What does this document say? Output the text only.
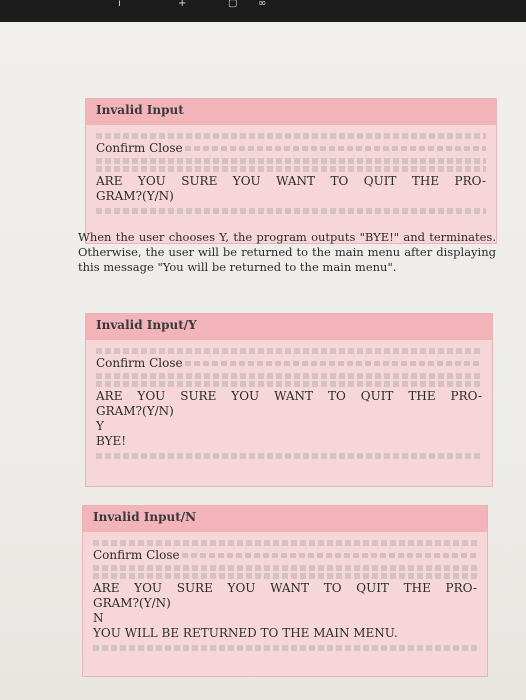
ı	+	▢ ∞
Invalid Input
Confirm Close
ARE YOU SURE YOU WANT TO QUIT THE PRO-
GRAM?(Y/N)
When the user chooses Y, the program outputs "BYE!" and terminates. Otherwise, the user will be returned to the main menu after displaying this message "You will be returned to the main menu".
Invalid Input/Y
Confirm Close
ARE YOU SURE YOU WANT TO QUIT THE PRO-
GRAM?(Y/N)
Y
BYE!
Invalid Input/N
Confirm Close
ARE YOU SURE YOU WANT TO QUIT THE PRO-
GRAM?(Y/N)
N
YOU WILL BE RETURNED TO THE MAIN MENU.
